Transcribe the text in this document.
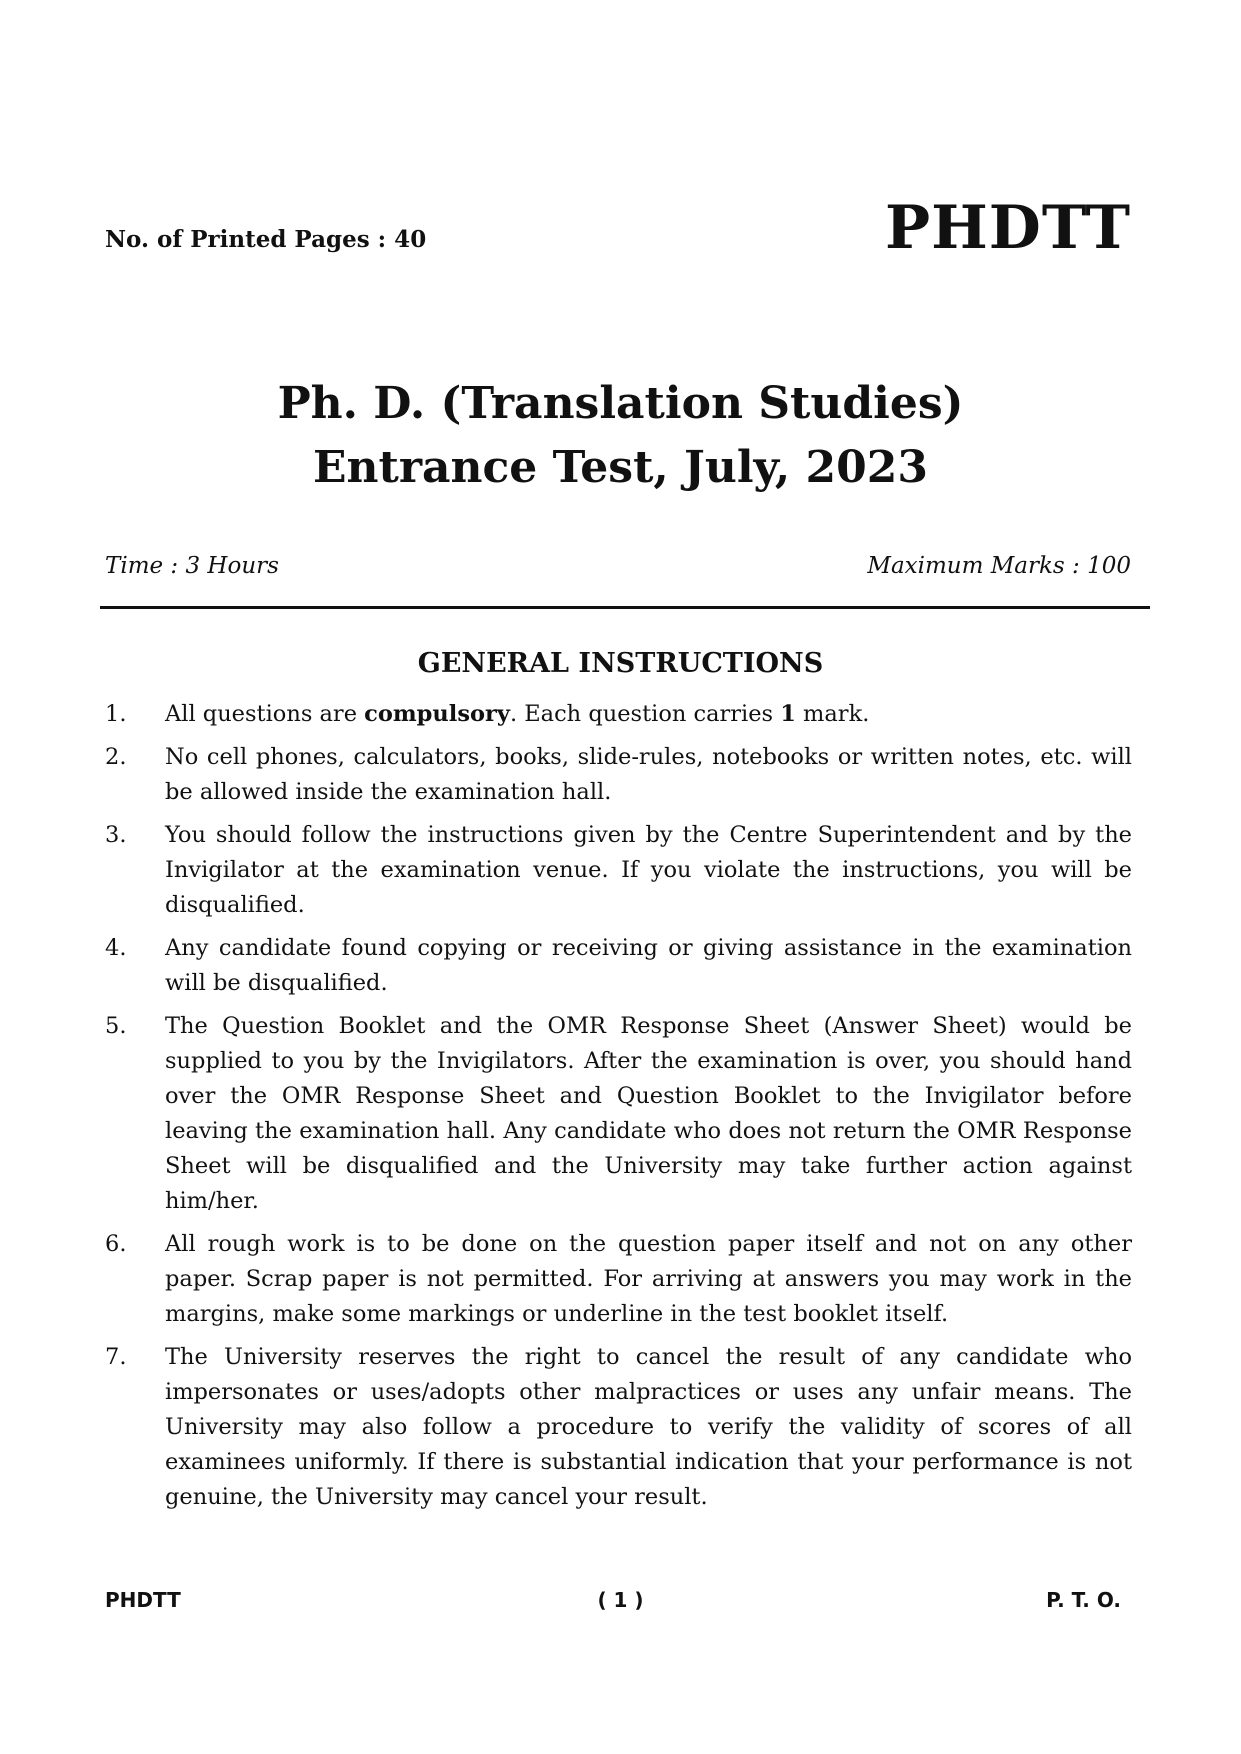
No. of Printed Pages : 40	PHDTT
Ph. D. (Translation Studies)
Entrance Test, July, 2023
Time : 3 Hours	Maximum Marks : 100
GENERAL INSTRUCTIONS
1.	All questions are compulsory. Each question carries 1 mark.
2.	No cell phones, calculators, books, slide-rules, notebooks or written notes, etc. will be allowed inside the examination hall.
3.	You should follow the instructions given by the Centre Superintendent and by the Invigilator at the examination venue. If you violate the instructions, you will be disqualified.
4.	Any candidate found copying or receiving or giving assistance in the examination will be disqualified.
5.	The Question Booklet and the OMR Response Sheet (Answer Sheet) would be supplied to you by the Invigilators. After the examination is over, you should hand over the OMR Response Sheet and Question Booklet to the Invigilator before leaving the examination hall. Any candidate who does not return the OMR Response Sheet will be disqualified and the University may take further action against him/her.
6.	All rough work is to be done on the question paper itself and not on any other paper. Scrap paper is not permitted. For arriving at answers you may work in the margins, make some markings or underline in the test booklet itself.
7.	The University reserves the right to cancel the result of any candidate who impersonates or uses/adopts other malpractices or uses any unfair means. The University may also follow a procedure to verify the validity of scores of all examinees uniformly. If there is substantial indication that your performance is not genuine, the University may cancel your result.
PHDTT	( 1 )	P. T. O.
